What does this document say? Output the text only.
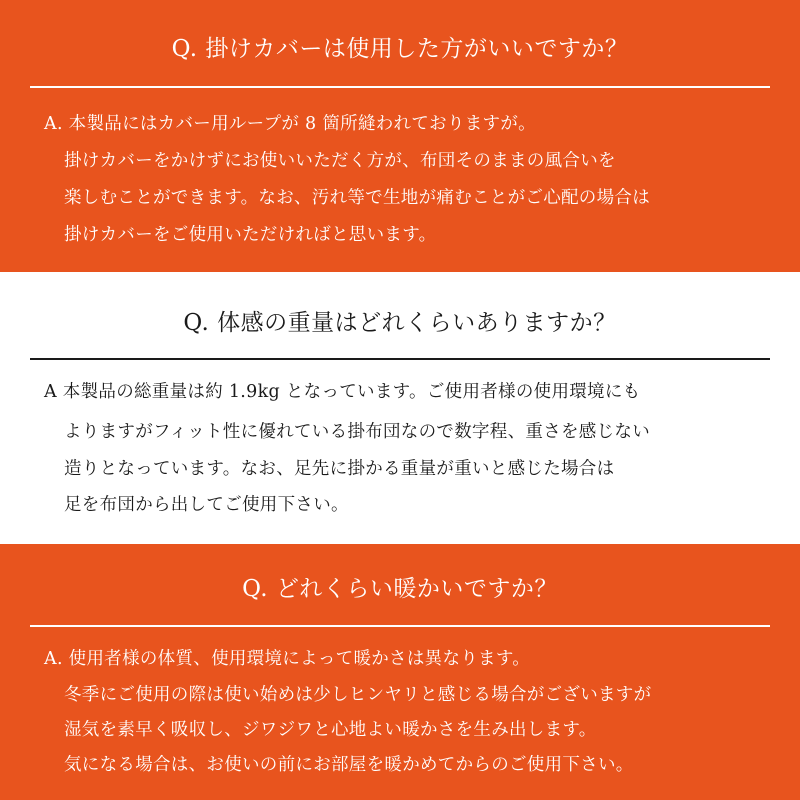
Q. 掛けカバーは使用した方がいいですか？
A. 本製品にはカバー用ループが 8 箇所縫われておりますが。
掛けカバーをかけずにお使いいただく方が、布団そのままの風合いを
楽しむことができます。なお、汚れ等で生地が痛むことがご心配の場合は
掛けカバーをご使用いただければと思います。
Q. 体感の重量はどれくらいありますか？
A 本製品の総重量は約 1.9kg となっています。ご使用者様の使用環境にも
よりますがフィット性に優れている掛布団なので数字程、重さを感じない
造りとなっています。なお、足先に掛かる重量が重いと感じた場合は
足を布団から出してご使用下さい。
Q. どれくらい暖かいですか？
A. 使用者様の体質、使用環境によって暖かさは異なります。
冬季にご使用の際は使い始めは少しヒンヤリと感じる場合がございますが
湿気を素早く吸収し、ジワジワと心地よい暖かさを生み出します。
気になる場合は、お使いの前にお部屋を暖かめてからのご使用下さい。
